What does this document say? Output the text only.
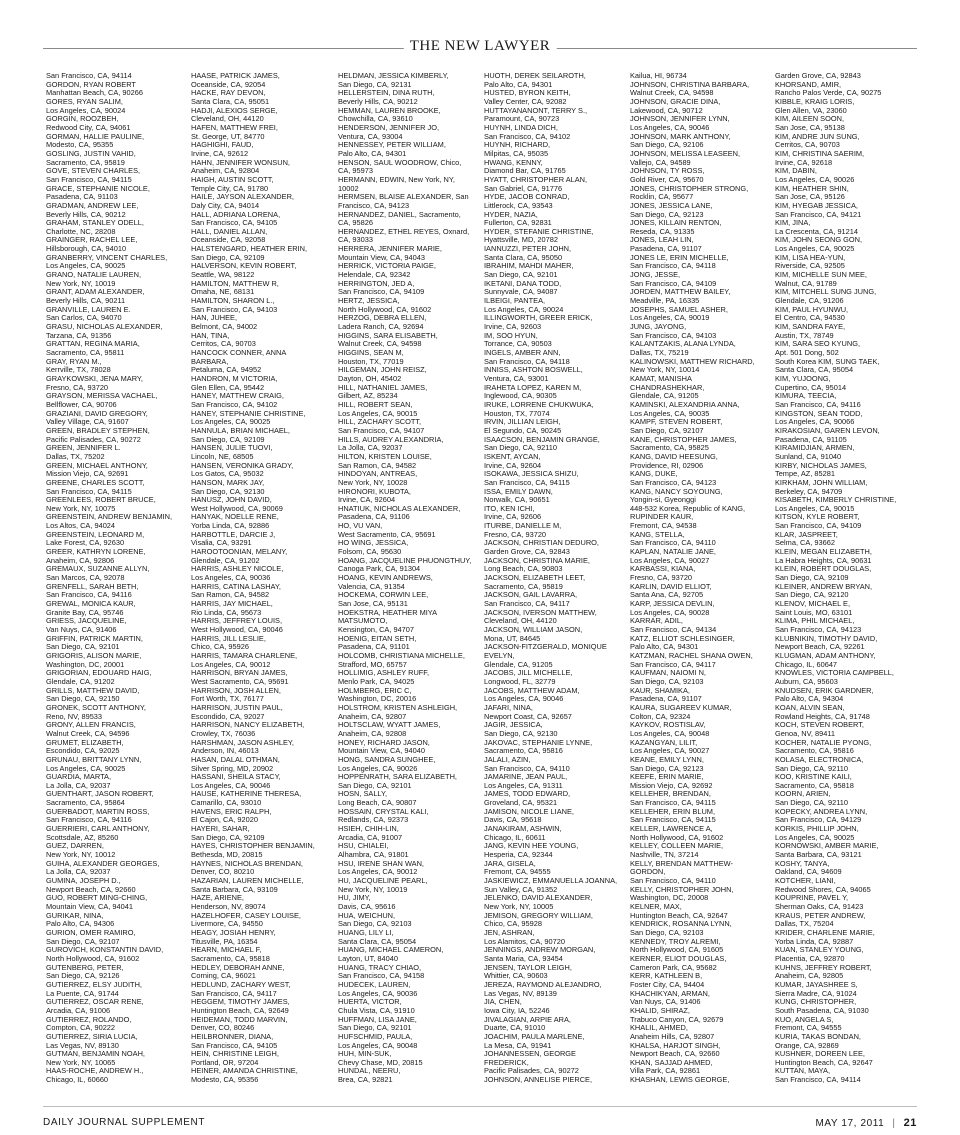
THE NEW LAWYER
San Francisco, CA, 94114
GORDON, RYAN ROBERT
Manhattan Beach, CA, 90266
GORES, RYAN SALIM,
Los Angeles, CA, 90024
GORGIN, ROOZBEH,
Redwood City, CA, 94061
GORMAN, HALLIE PAULINE,
Modesto, CA, 95355
GOSLING, JUSTIN VAHID,
Sacramento, CA, 95819
GOVE, STEVEN CHARLES,
San Francisco, CA, 94115
GRACE, STEPHANIE NICOLE,
Pasadena, CA, 91103
GRADMAN, ANDREW LEE,
Beverly Hills, CA, 90212
GRAHAM, STANLEY ODELL,
Charlotte, NC, 28208
GRAINGER, RACHEL LEE,
Hillsborough, CA, 94010
GRANBERRY, VINCENT CHARLES,
Los Angeles, CA, 90025
GRANO, NATALIE LAUREN,
New York, NY, 10019
GRANT, ADAM ALEXANDER,
Beverly Hills, CA, 90211
GRANVILLE, LAUREN E.
San Carlos, CA, 94070
GRASU, NICHOLAS ALEXANDER,
Tarzana, CA, 91356
GRATTAN, REGINA MARIA,
Sacramento, CA, 95811
GRAY, RYAN M.,
Kerrville, TX, 78028
GRAYKOWSKI, JENA MARY,
Fresno, CA, 93720
GRAYSON, MERISSA VACHAEL,
Bellflower, CA, 90706
GRAZIANI, DAVID GREGORY,
Valley Village, CA, 91607
GREEN, BRADLEY STEPHEN,
Pacific Palisades, CA, 90272
GREEN, JENNIFER L.
Dallas, TX, 75202
GREEN, MICHAEL ANTHONY,
Mission Viejo, CA, 92691
GREENE, CHARLES SCOTT,
San Francisco, CA, 94115
GREENLEES, ROBERT BRUCE,
New York, NY, 10075
GREENSTEIN, ANDREW BENJAMIN,
Los Altos, CA, 94024
GREENSTEIN, LEONARD M,
Lake Forest, CA, 92630
GREER, KATHRYN LORENE,
Anaheim, CA, 92806
GREMAUX, SUZANNE ALLYN,
San Marcos, CA, 92078
GRENFELL, SARAH BETH,
San Francisco, CA, 94116
GREWAL, MONICA KAUR,
Granite Bay, CA, 95746
GRIESS, JACQUELINE,
Van Nuys, CA, 91406
GRIFFIN, PATRICK MARTIN,
San Diego, CA, 92101
GRIGORIS, ALISON MARIE,
Washington, DC, 20001
GRIGORIAN, EDOUARD HAIG,
Glendale, CA, 91202
GRILLS, MATTHEW DAVID,
San Diego, CA, 92150
GRONEK, SCOTT ANTHONY,
Reno, NV, 89533
GRONY, ALLEN FRANCIS,
Walnut Creek, CA, 94596
GRUMET, ELIZABETH,
Escondido, CA, 92025
GRUNAU, BRITTANY LYNN,
Los Angeles, CA, 90025
GUARDIA, MARTA,
La Jolla, CA, 92037
GUENTHART, JASON ROBERT,
Sacramento, CA, 95864
GUERBADOT, MARTIN ROSS,
San Francisco, CA, 94116
GUERRIERI, CARL ANTHONY,
Scottsdale, AZ, 85260
GUEZ, DARREN,
New York, NY, 10012
GUIHA, ALEXANDER GEORGES,
La Jolla, CA, 92037
GUMINA, JOSEPH D.,
Newport Beach, CA, 92660
GUO, ROBERT MING-CHING,
Mountain View, CA, 94041
GURIKAR, NINA,
Palo Alto, CA, 94306
GURION, OMER RAMIRO,
San Diego, CA, 92107
GUROVICH, KONSTANTIN DAVID,
North Hollywood, CA, 91602
GUTENBERG, PETER,
San Diego, CA, 92126
GUTIERREZ, ELSY JUDITH,
La Puente, CA, 91744
GUTIERREZ, OSCAR RENE,
Arcadia, CA, 91006
GUTIERREZ, ROLANDO,
Compton, CA, 90222
GUTIERREZ, SIRIA LUCIA,
Las Vegas, NV, 89130
GUTMAN, BENJAMIN NOAH,
New York, NY, 10065
HAAS-ROCHE, ANDREW H.,
Chicago, IL, 60660
HAASE, PATRICK JAMES,
Oceanside, CA, 92054
HACKE, RAY DEVON,
Santa Clara, CA, 95051
HADJI, ALEXIOS SERGE,
Cleveland, OH, 44120
HAFEN, MATTHEW FREI,
St. George, UT, 84770
HAGHIGHI, FAUD,
Irvine, CA, 92612
HAHN, JENNIFER WONSUN,
Anaheim, CA, 92804
HAIGH, AUSTIN SCOTT,
Temple City, CA, 91780
HAILE, JAYSON ALEXANDER,
Daly City, CA, 94014
HALL, ADRIANA LORENA,
San Francisco, CA, 94105
HALL, DANIEL ALLAN,
Oceanside, CA, 92058
HALSTENGARD, HEATHER ERIN,
San Diego, CA, 92109
HALVERSON, KEVIN ROBERT,
Seattle, WA, 98122
HAMILTON, MATTHEW R,
Omaha, NE, 68131
HAMILTON, SHARON L.,
San Francisco, CA, 94103
HAN, JUHEE,
Belmont, CA, 94002
HAN, TINA,
Cerritos, CA, 90703
HANCOCK CONNER, ANNA
BARBARA,
Petaluma, CA, 94952
HANDRON, M VICTORIA,
Glen Ellen, CA, 95442
HANEY, MATTHEW CRAIG,
San Francisco, CA, 94102
HANEY, STEPHANIE CHRISTINE,
Los Angeles, CA, 90025
HANNULA, BRIAN MICHAEL,
San Diego, CA, 92109
HANSEN, JULIE TUOVI,
Lincoln, NE, 68505
HANSEN, VERONIKA GRADY,
Los Gatos, CA, 95032
HANSON, MARK JAY,
San Diego, CA, 92130
HANUSZ, JOHN DAVID,
West Hollywood, CA, 90069
HANYAK, NOELLE RENE,
Yorba Linda, CA, 92886
HARBOTTLE, DARCIE J,
Visalia, CA, 93291
HAROOTOONIAN, MELANY,
Glendale, CA, 91202
HARRIS, ASHLEY NICOLE,
Los Angeles, CA, 90036
HARRIS, CATINA LASHAY,
San Ramon, CA, 94582
HARRIS, JAY MICHAEL,
Rio Linda, CA, 95673
HARRIS, JEFFREY LOUIS,
West Hollywood, CA, 90046
HARRIS, JILL LESLIE,
Chico, CA, 95926
HARRIS, TAMARA CHARLENE,
Los Angeles, CA, 90012
HARRISON, BRYAN JAMES,
West Sacramento, CA, 95691
HARRISON, JOSH ALLEN,
Fort Worth, TX, 76177
HARRISON, JUSTIN PAUL,
Escondido, CA, 92027
HARRISON, NANCY ELIZABETH,
Crowley, TX, 76036
HARSHMAN, JASON ASHLEY,
Anderson, IN, 46013
HASAN, DALAL OTHMAN,
Silver Spring, MD, 20902
HASSANI, SHEILA STACY,
Los Angeles, CA, 90046
HAUSE, KATHERINE THERESA,
Camarillo, CA, 93010
HAVENS, ERIC RALPH,
El Cajon, CA, 92020
HAYERI, SAHAR,
San Diego, CA, 92109
HAYES, CHRISTOPHER BENJAMIN,
Bethesda, MD, 20815
HAYNES, NICHOLAS BRENDAN,
Denver, CO, 80210
HAZARIAN, LAUREN MICHELLE,
Santa Barbara, CA, 93109
HAZE, ARIENE,
Henderson, NV, 89074
HAZELHOFER, CASEY LOUISE,
Livermore, CA, 94550
HEAGY, JOSIAH HENRY,
Titusville, PA, 16354
HEARN, MICHAEL F,
Sacramento, CA, 95818
HEDLEY, DEBORAH ANNE,
Corning, CA, 96021
HEDLUND, ZACHARY WEST,
San Francisco, CA, 94117
HEGGEM, TIMOTHY JAMES,
Huntington Beach, CA, 92649
HEIDEMAN, TODD MARVIN,
Denver, CO, 80246
HEILBRONNER, DIANA,
San Francisco, CA, 94105
HEIN, CHRISTINE LEIGH,
Portland, OR, 97204
HEINER, AMANDA CHRISTINE,
Modesto, CA, 95356
HELDMAN, JESSICA KIMBERLY,
San Diego, CA, 92131
HELLERSTEIN, DINA RUTH,
Beverly Hills, CA, 90212
HEMMAN, LAUREN BROOKE,
Chowchilla, CA, 93610
HENDERSON, JENNIFER JO,
Ventura, CA, 93004
HENNESSEY, PETER WILLIAM,
Palo Alto, CA, 94301
HENSON, SAUL WOODROW, Chico,
CA, 95973
HERMANN, EDWIN, New York, NY,
10002
HERMSEN, BLAISE ALEXANDER, San
Francisco, CA, 94123
HERNANDEZ, DANIEL, Sacramento,
CA, 95826
HERNANDEZ, ETHEL REYES, Oxnard,
CA, 93033
HERRERA, JENNIFER MARIE,
Mountain View, CA, 94043
HERRICK, VICTORIA PAIGE,
Helendale, CA, 92342
HERRINGTON, JED A,
San Francisco, CA, 94109
HERTZ, JESSICA,
North Hollywood, CA, 91602
HERZOG, DEBRA ELLEN,
Ladera Ranch, CA, 92694
HIGGINS, SARA ELISABETH,
Walnut Creek, CA, 94598
HIGGINS, SEAN M,
Houston, TX, 77019
HILGEMAN, JOHN REISZ,
Dayton, OH, 45402
HILL, NATHANIEL JAMES,
Gilbert, AZ, 85234
HILL, ROBERT SEAN,
Los Angeles, CA, 90015
HILL, ZACHARY SCOTT,
San Francisco, CA, 94107
HILLS, AUDREY ALEXANDRIA,
La Jolla, CA, 92037
HILTON, KRISTEN LOUISE,
San Ramon, CA, 94582
HINDOYAN, ANTREAS,
New York, NY, 10028
HIRONORI, KUBOTA,
Irvine, CA, 92604
HNATIUK, NICHOLAS ALEXANDER,
Pasadena, CA, 91106
HO, VU VAN,
West Sacramento, CA, 95691
HO WING, JESSICA,
Folsom, CA, 95630
HOANG, JACQUELINE PHUONGTHUY,
Canoga Park, CA, 91304
HOANG, KEVIN ANDREWS,
Valencia, CA, 91354
HOCKEMA, CORWIN LEE,
San Jose, CA, 95131
HOEKSTRA, HEATHER MIYA
MATSUMOTO,
Kensington, CA, 94707
HOENIG, EITAN SETH,
Pasadena, CA, 91101
HOLCOMB, CHRISTIANA MICHELLE,
Strafford, MO, 65757
HOLLIMIG, ASHLEY RUFF,
Menlo Park, CA, 94025
HOLMBERG, ERIC C,
Washington, DC, 20016
HOLSTROM, KRISTEN ASHLEIGH,
Anaheim, CA, 92807
HOLTSCLAW, WYATT JAMES,
Anaheim, CA, 92808
HONEY, RICHARD JASON,
Mountain View, CA, 94040
HONG, SANDRA SUNGHEE,
Los Angeles, CA, 90026
HOPPENRATH, SARA ELIZABETH,
San Diego, CA, 92101
HOSN, SALLY,
Long Beach, CA, 90807
HOSSAIN, CRYSTAL KALI,
Redlands, CA, 92373
HSIEH, CHIH-LIN,
Arcadia, CA, 91007
HSU, CHIALEI,
Alhambra, CA, 91801
HSU, IRENE SHAN WAN,
Los Angeles, CA, 90012
HU, JACQUELINE PEARL,
New York, NY, 10019
HU, JIMY,
Davis, CA, 95616
HUA, WEICHUN,
San Diego, CA, 92103
HUANG, LILY LI,
Santa Clara, CA, 95054
HUANG, MICHAEL CAMERON,
Layton, UT, 84040
HUANG, TRACY CHIAO,
San Francisco, CA, 94158
HUDECEK, LAUREN,
Los Angeles, CA, 90036
HUERTA, VICTOR,
Chula Vista, CA, 91910
HUFFMAN, LISA JANE,
San Diego, CA, 92101
HUFSCHMID, PAULA,
Los Angeles, CA, 90048
HUH, MIN-SUK,
Chevy Chase, MD, 20815
HUNDAL, NEERU,
Brea, CA, 92821
HUOTH, DEREK SEILAROTH,
Palo Alto, CA, 94301
HUSTED, BYRON KEITH,
Valley Center, CA, 92082
HUTTAYANANONT, TERRY S.,
Paramount, CA, 90723
HUYNH, LINDA DICH,
San Francisco, CA, 94102
HUYNH, RICHARD,
Milpitas, CA, 95035
HWANG, KENNY,
Diamond Bar, CA, 91765
HYATT, CHRISTOPHER ALAN,
San Gabriel, CA, 91776
HYDE, JACOB CONRAD,
Littlerock, CA, 93543
HYDER, NAZIA,
Fullerton, CA, 92831
HYDER, STEFANIE CHRISTINE,
Hyattsville, MD, 20782
IANNUZZI, PETER JOHN,
Santa Clara, CA, 95050
IBRAHIM, MAHDI MAHER,
San Diego, CA, 92101
IKETANI, DANA TODD,
Sunnyvale, CA, 94087
ILBEIGI, PANTEA,
Los Angeles, CA, 90024
ILLINGWORTH, GREER ERICK,
Irvine, CA, 92603
IM, SOO HYUN,
Torrance, CA, 90503
INGELS, AMBER ANN,
San Francisco, CA, 94118
INNISS, ASHTON BOSWELL,
Ventura, CA, 93001
IRAHETA LOPEZ, KAREN M,
Inglewood, CA, 90305
IRUKE, LORRENE CHUKWUKA,
Houston, TX, 77074
IRVIN, JILLIAN LEIGH,
El Segundo, CA, 90245
ISAACSON, BENJAMIN GRANGE,
San Diego, CA, 92110
ISKENT, AYCAN,
Irvine, CA, 92604
ISOKAWA, JESSICA SHIZU,
San Francisco, CA, 94115
ISSA, EMILY DAWN,
Norwalk, CA, 90651
ITO, KEN ICHI,
Irvine, CA, 92606
ITURBE, DANIELLE M,
Fresno, CA, 93720
JACKSON, CHRISTIAN DEDURO,
Garden Grove, CA, 92843
JACKSON, CHRISTINA MARIE,
Long Beach, CA, 90803
JACKSON, ELIZABETH LEET,
Sacramento, CA, 95819
JACKSON, GAIL LAVARRA,
San Francisco, CA, 94117
JACKSON, IVERSON MATTHEW,
Cleveland, OH, 44120
JACKSON, WILLIAM JASON,
Mona, UT, 84645
JACKSON-FITZGERALD, MONIQUE
EVELYN,
Glendale, CA, 91205
JACOBS, JILL MICHELLE,
Longwood, FL, 32779
JACOBS, MATTHEW ADAM,
Los Angeles, CA, 90046
JAFARI, NINA,
Newport Coast, CA, 92657
JAGIR, JESSICA,
San Diego, CA, 92130
JAKOVAC, STEPHANIE LYNNE,
Sacramento, CA, 95816
JALALI, AZIN,
San Francisco, CA, 94110
JAMARINE, JEAN PAUL,
Los Angeles, CA, 91311
JAMES, TODD EDWARD,
Groveland, CA, 95321
JAMISON, NICOLE LIANE,
Davis, CA, 95618
JANAKIRAM, ASHWIN,
Chicago, IL, 60611
JANG, KEVIN HEE YOUNG,
Hesperia, CA, 92344
JARA, GISELA,
Fremont, CA, 94555
JASKIEWICZ, EMMANUELLA JOANNA,
Sun Valley, CA, 91352
JELENKO, DAVID ALEXANDER,
New York, NY, 10005
JEMISON, GREGORY WILLIAM,
Chico, CA, 95928
JEN, ASHRAN,
Los Alamitos, CA, 90720
JENNINGS, ANDREW MORGAN,
Santa Maria, CA, 93454
JENSEN, TAYLOR LEIGH,
Whittier, CA, 90603
JEREZA, RAYMOND ALEJANDRO,
Las Vegas, NV, 89139
JIA, CHEN,
Iowa City, IA, 52246
JIVALAGIAN, ARPIE ARA,
Duarte, CA, 91010
JOACHIM, PAULA MARLENE,
La Mesa, CA, 91941
JOHANNESSEN, GEORGE
FREDERICK,
Pacific Palisades, CA, 90272
JOHNSON, ANNELISE PIERCE,
Kailua, HI, 96734
JOHNSON, CHRISTINA BARBARA,
Walnut Creek, CA, 94598
JOHNSON, GRACIE DINA,
Lakewood, CA, 90712
JOHNSON, JENNIFER LYNN,
Los Angeles, CA, 90046
JOHNSON, MARK ANTHONY,
San Diego, CA, 92106
JOHNSON, MELISSA LEASEEN,
Vallejo, CA, 94589
JOHNSON, TY ROSS,
Gold River, CA, 95670
JONES, CHRISTOPHER STRONG,
Rocklin, CA, 95677
JONES, JESSICA LANE,
San Diego, CA, 92123
JONES, KILLAIN RENTON,
Reseda, CA, 91335
JONES, LEAH LIN,
Pasadena, CA, 91107
JONES LE, ERIN MICHELLE,
San Francisco, CA, 94118
JONG, JESSE,
San Francisco, CA, 94109
JORDEN, MATTHEW BAILEY,
Meadville, PA, 16335
JOSEPHS, SAMUEL ASHER,
Los Angeles, CA, 90019
JUNG, JAYONG,
San Francisco, CA, 94103
KALANTZAKIS, ALANA LYNDA,
Dallas, TX, 75219
KALINOWSKI, MATTHEW RICHARD,
New York, NY, 10014
KAMAT, MANISHA
CHANDRASHEKHAR,
Glendale, CA, 91205
KAMINSKI, ALEXANDRIA ANNA,
Los Angeles, CA, 90035
KAMPF, STEVEN ROBERT,
San Diego, CA, 92107
KANE, CHRISTOPHER JAMES,
Sacramento, CA, 95825
KANG, DAVID HEESUNG,
Providence, RI, 02906
KANG, DUKE,
San Francisco, CA, 94123
KANG, NANCY SOYOUNG,
Yongin-si, Gyeonggi
448-532 Korea, Republic of KANG,
RUPINDER KAUR,
Fremont, CA, 94538
KANG, STELLA,
San Francisco, CA, 94110
KAPLAN, NATALIE JANE,
Los Angeles, CA, 90027
KARBASSI, KIANA,
Fresno, CA, 93720
KARLIN, DAVID ELLIOT,
Santa Ana, CA, 92705
KARP, JESSICA DEVLIN,
Los Angeles, CA, 90028
KARRAR, ADIL,
San Francisco, CA, 94134
KATZ, ELLIOT SCHLESINGER,
Palo Alto, CA, 94301
KATZMAN, RACHEL SHANA OWEN,
San Francisco, CA, 94117
KAUFMAN, NAIOMI N,
San Diego, CA, 92103
KAUR, SHAMIKA,
Pasadena, CA, 91107
KAURA, SUGAREEV KUMAR,
Colton, CA, 92324
KAYKOV, ROSTISLAV,
Los Angeles, CA, 90048
KAZANGYAN, LILIT,
Los Angeles, CA, 90027
KEANE, EMILY LYNN,
San Diego, CA, 92123
KEEFE, ERIN MARIE,
Mission Viejo, CA, 92692
KELLEHER, BRENDAN,
San Francisco, CA, 94115
KELLEHER, ERIN BLUM,
San Francisco, CA, 94115
KELLER, LAWRENCE A,
North Hollywood, CA, 91602
KELLEY, COLLEEN MARIE,
Nashville, TN, 37214
KELLY, BRENDAN MATTHEW-
GORDON,
San Francisco, CA, 94110
KELLY, CHRISTOPHER JOHN,
Washington, DC, 20008
KELNER, MAX,
Huntington Beach, CA, 92647
KENDRICK, ROSANNA LYNN,
San Diego, CA, 92103
KENNEDY, TROY ALREMI,
North Hollywood, CA, 91605
KERNER, ELIOT DOUGLAS,
Cameron Park, CA, 95682
KERR, KATHLEEN B,
Foster City, CA, 94404
KHACHIKYAN, ARMAN,
Van Nuys, CA, 91406
KHALID, SHIRAZ,
Trabuco Canyon, CA, 92679
KHALIL, AHMED,
Anaheim Hills, CA, 92807
KHALSA, HARJOT SINGH,
Newport Beach, CA, 92660
KHAN, SAJJAD AHMED,
Villa Park, CA, 92861
KHASHAN, LEWIS GEORGE,
Garden Grove, CA, 92843
KHORSAND, AMIR,
Rancho Palos Verde, CA, 90275
KIBBLE, KRAIG LORIS,
Glen Allen, VA, 23060
KIM, AILEEN SOON,
San Jose, CA, 95138
KIM, ANDRE JUN SUNG,
Cerritos, CA, 90703
KIM, CHRISTINA SAERIM,
Irvine, CA, 92618
KIM, DABIN,
Los Angeles, CA, 90026
KIM, HEATHER SHIN,
San Jose, CA, 95126
KIM, HYEGAB JESSICA,
San Francisco, CA, 94121
KIM, JINA,
La Crescenta, CA, 91214
KIM, JOHN SEONG GON,
Los Angeles, CA, 90025
KIM, LISA HEA-YUN,
Riverside, CA, 92505
KIM, MICHELLE SUN MEE,
Walnut, CA, 91789
KIM, MITCHELL SUNG JUNG,
Glendale, CA, 91206
KIM, PAUL HYUNWU,
El Centro, CA, 94530
KIM, SANDRA FAYE,
Austin, TX, 78749
KIM, SARA SEO KYUNG,
Apt. 501 Dong, 502
South Korea KIM, SUNG TAEK,
Santa Clara, CA, 95054
KIM, YUJOONG,
Cupertino, CA, 95014
KIMURA, TEECIA,
San Francisco, CA, 94116
KINGSTON, SEAN TODD,
Los Angeles, CA, 90066
KIRAKOSIAN, GAREN LEVON,
Pasadena, CA, 91105
KIRAMIDJIAN, ARMEN,
Sunland, CA, 91040
KIRBY, NICHOLAS JAMES,
Tempe, AZ, 85281
KIRKHAM, JOHN WILLIAM,
Berkeley, CA, 94709
KISABETH, KIMBERLY CHRISTINE,
Los Angeles, CA, 90015
KITSON, KYLE ROBERT,
San Francisco, CA, 94109
KLAR, JASPREET,
Selma, CA, 93662
KLEIN, MEGAN ELIZABETH,
La Habra Heights, CA, 90631
KLEIN, ROBERT DOUGLAS,
San Diego, CA, 92109
KLEINER, ANDREW BRYAN,
San Diego, CA, 92120
KLENOV, MICHAEL E,
Saint Louis, MO, 63101
KLIMA, PHIL MICHAEL,
San Francisco, CA, 94123
KLUBNIKIN, TIMOTHY DAVID,
Newport Beach, CA, 92261
KLUGMAN, ADAM ANTHONY,
Chicago, IL, 60647
KNOWLES, VICTORIA CAMPBELL,
Auburn, CA, 95603
KNUDSEN, ERIK GARDNER,
Palo Alto, CA, 94304
KOAN, ALVIN SEAN,
Rowland Heights, CA, 91748
KOCH, STEVEN ROBERT,
Genoa, NV, 89411
KOCHER, NATALIE PYONG,
Sacramento, CA, 95816
KOLASA, ELECTRONICA,
San Diego, CA, 92110
KOO, KRISTINE KAILI,
Sacramento, CA, 95818
KOORN, ARIEN,
San Diego, CA, 92110
KOPECKY, ANDREA LYNN,
San Francisco, CA, 94129
KORKIS, PHILLIP JOHN,
Los Angeles, CA, 90025
KORNOWSKI, AMBER MARIE,
Santa Barbara, CA, 93121
KOSHY, TANYA,
Oakland, CA, 94609
KOTCHER, LIANI,
Redwood Shores, CA, 94065
KOUPRINE, PAVEL Y,
Sherman Oaks, CA, 91423
KRAUS, PETER ANDREW,
Dallas, TX, 75204
KRIDER, CHARLENE MARIE,
Yorba Linda, CA, 92887
KUAN, STANLEY YOUNG,
Placentia, CA, 92870
KUHNS, JEFFREY ROBERT,
Anaheim, CA, 92805
KUMAR, JAYASHREE S,
Sierra Madre, CA, 91024
KUNG, CHRISTOPHER,
South Pasadena, CA, 91030
KUO, ANGELA S,
Fremont, CA, 94555
KURIA, TAKAS BONDAN,
Orange, CA, 92869
KUSHNER, DOREEN LEE,
Huntington Beach, CA, 92647
KUTTAN, MAYA,
San Francisco, CA, 94114
DAILY JOURNAL SUPPLEMENT	MAY 17, 2011 | 21
